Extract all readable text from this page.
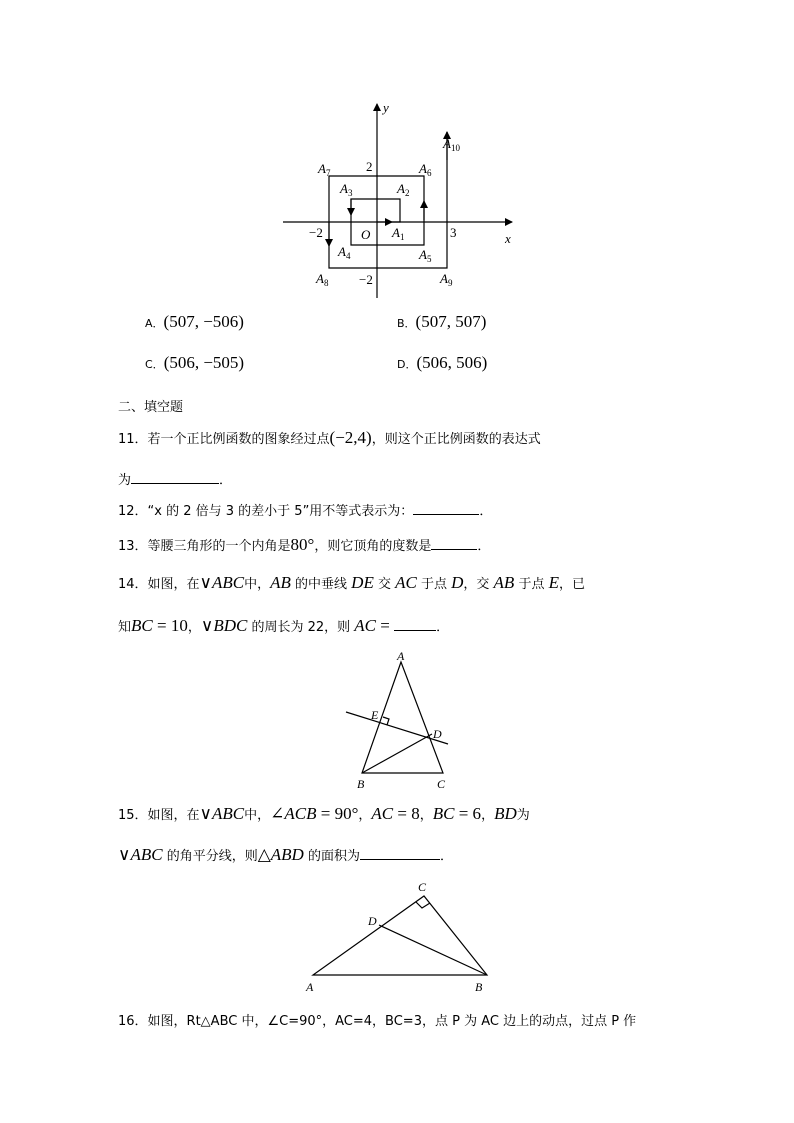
y
x
O
$A_7$	$A_6$
$A_{10}$
$A_3$	$A_2$
$A_1$
$A_4$	$A_5$
$A_8$	$A_9$
2
−2	3
−2
A．(507, −506)	B．(507, 507)
C．(506, −505)	D．(506, 506)
二、填空题
11．若一个正比例函数的图象经过点(−2,4)，则这个正比例函数的表达式
为	．
12．“x 的 2 倍与 3 的差小于 5”用不等式表示为：	．
13．等腰三角形的一个内角是80°，则它顶角的度数是	．
14．如图，在∨ABC中，AB 的中垂线 DE 交 AC 于点 D，交 AB 于点 E，已
知BC = 10，∨BDC 的周长为 22，则 AC =	．
A
E
D
B	C
15．如图，在∨ABC中，∠ACB = 90°，AC = 8，BC = 6，BD为
∨ABC 的角平分线，则△ABD 的面积为	．
C
D
A	B
16．如图，Rt△ABC 中，∠C=90°，AC=4，BC=3，点 P 为 AC 边上的动点，过点 P 作
